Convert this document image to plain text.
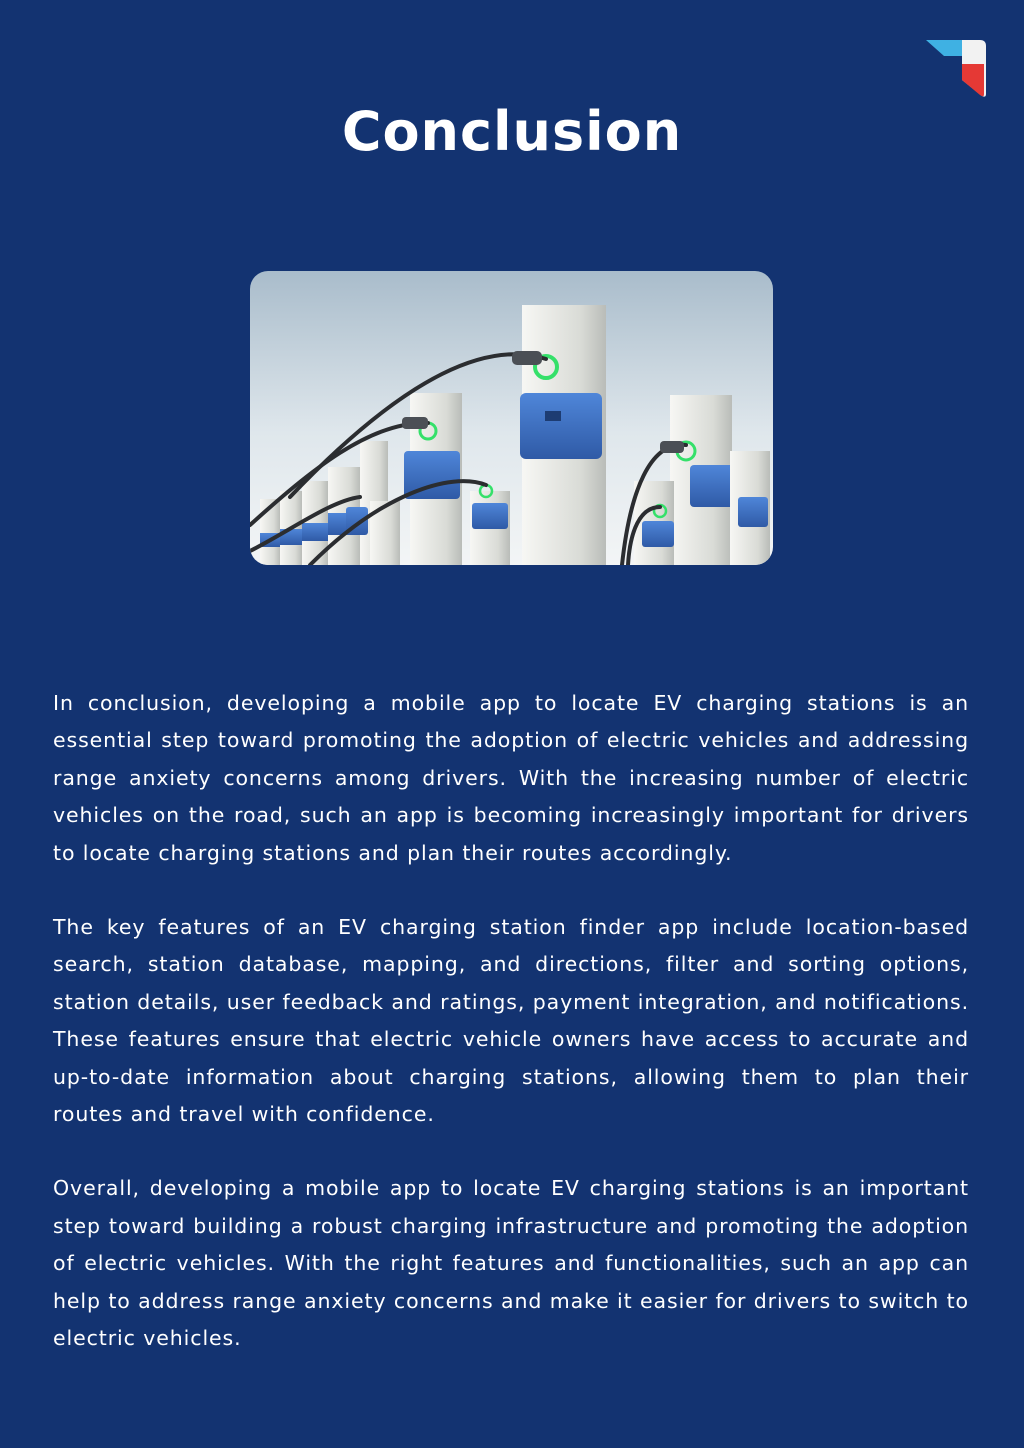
Conclusion

In conclusion, developing a mobile app to locate EV charging stations is an essential step toward promoting the adoption of electric vehicles and addressing range anxiety concerns among drivers. With the increasing number of electric vehicles on the road, such an app is becoming increasingly important for drivers to locate charging stations and plan their routes accordingly.

The key features of an EV charging station finder app include location-based search, station database, mapping, and directions, filter and sorting options, station details, user feedback and ratings, payment integration, and notifications. These features ensure that electric vehicle owners have access to accurate and up-to-date information about charging stations, allowing them to plan their routes and travel with confidence.

Overall, developing a mobile app to locate EV charging stations is an important step toward building a robust charging infrastructure and promoting the adoption of electric vehicles. With the right features and functionalities, such an app can help to address range anxiety concerns and make it easier for drivers to switch to electric vehicles.
